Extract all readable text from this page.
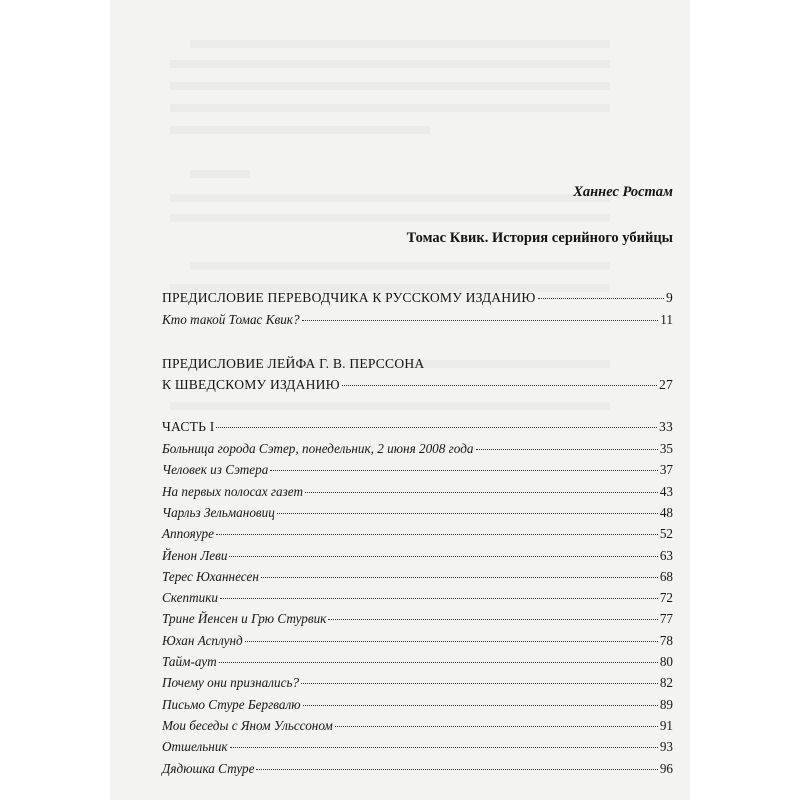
Ханнес Ростам
Томас Квик. История серийного убийцы
ПРЕДИСЛОВИЕ ПЕРЕВОДЧИКА К РУССКОМУ ИЗДАНИЮ	9
Кто такой Томас Квик?	11
ПРЕДИСЛОВИЕ ЛЕЙФА Г. В. ПЕРССОНА
К ШВЕДСКОМУ ИЗДАНИЮ	27
ЧАСТЬ I	33
Больница города Сэтер, понедельник, 2 июня 2008 года	35
Человек из Сэтера	37
На первых полосах газет	43
Чарльз Зельмановиц	48
Аппояуре	52
Йенон Леви	63
Терес Юханнесен	68
Скептики	72
Трине Йенсен и Грю Стурвик	77
Юхан Асплунд	78
Тайм-аут	80
Почему они признались?	82
Письмо Стуре Бергвалю	89
Мои беседы с Яном Ульссоном	91
Отшельник	93
Дядюшка Стуре	96
